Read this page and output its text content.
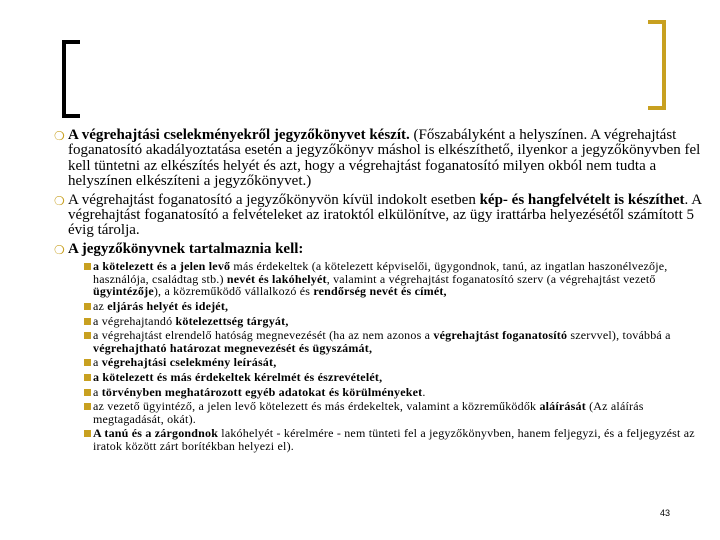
❍ A végrehajtási cselekményekről jegyzőkönyvet készít. (Főszabályként a helyszínen. A végrehajtást foganatosító akadályoztatása esetén a jegyzőkönyv máshol is elkészíthető, ilyenkor a jegyzőkönyvben fel kell tüntetni az elkészítés helyét és azt, hogy a végrehajtást foganatosító milyen okból nem tudta a helyszínen elkészíteni a jegyzőkönyvet.)
❍ A végrehajtást foganatosító a jegyzőkönyvön kívül indokolt esetben kép- és hangfelvételt is készíthet. A végrehajtást foganatosító a felvételeket az iratoktól elkülönítve, az ügy irattárba helyezésétől számított 5 évig tárolja.
❍ A jegyzőkönyvnek tartalmaznia kell:
a kötelezett és a jelen levő más érdekeltek (a kötelezett képviselői, ügygondnok, tanú, az ingatlan haszonélvezője, használója, családtag stb.) nevét és lakóhelyét, valamint a végrehajtást foganatosító szerv (a végrehajtást vezető ügyintézője), a közreműködő vállalkozó és rendőrség nevét és címét,
az eljárás helyét és idejét,
a végrehajtandó kötelezettség tárgyát,
a végrehajtást elrendelő hatóság megnevezését (ha az nem azonos a végrehajtást foganatosító szervvel), továbbá a végrehajtható határozat megnevezését és ügyszámát,
a végrehajtási cselekmény leírását,
a kötelezett és más érdekeltek kérelmét és észrevételét,
a törvényben meghatározott egyéb adatokat és körülményeket.
az vezető ügyintéző, a jelen levő kötelezett és más érdekeltek, valamint a közreműködők aláírását (Az aláírás megtagadását, okát).
A tanú és a zárgondnok lakóhelyét - kérelmére - nem tünteti fel a jegyzőkönyvben, hanem feljegyzi, és a feljegyzést az iratok között zárt borítékban helyezi el).
43
